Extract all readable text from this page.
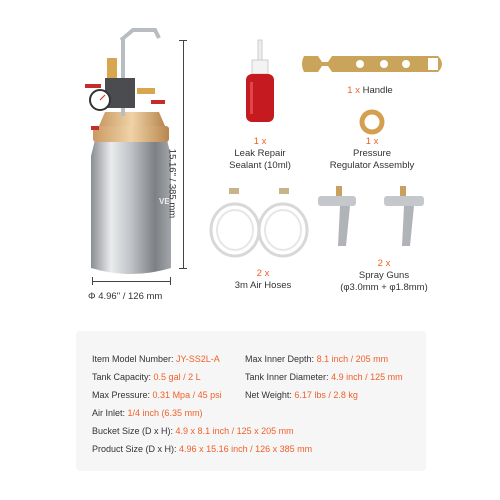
VE
15.16" / 385 mm
Φ 4.96" / 126 mm
1 x
Leak Repair
Sealant (10ml)
1 x Handle
1 x
Pressure
Regulator Assembly
2 x
3m Air Hoses
2 x
Spray Guns
(φ3.0mm + φ1.8mm)
Item Model Number: JY-SS2L-A	Max Inner Depth: 8.1 inch / 205 mm
Tank Capacity: 0.5 gal / 2 L	Tank Inner Diameter: 4.9 inch / 125 mm
Max Pressure: 0.31 Mpa / 45 psi	Net Weight: 6.17 lbs / 2.8 kg
Air Inlet: 1/4 inch (6.35 mm)
Bucket Size (D x H): 4.9 x 8.1 inch / 125 x 205 mm
Product Size (D x H): 4.96 x 15.16 inch / 126 x 385 mm
